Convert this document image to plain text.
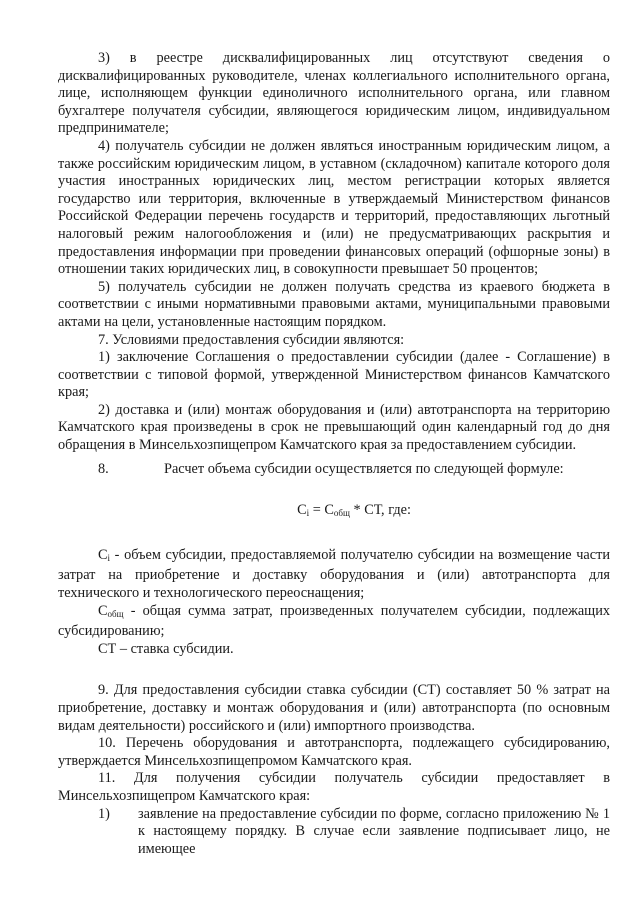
3) в реестре дисквалифицированных лиц отсутствуют сведения о дисквалифицированных руководителе, членах коллегиального исполнительного органа, лице, исполняющем функции единоличного исполнительного органа, или главном бухгалтере получателя субсидии, являющегося юридическим лицом, индивидуальном предпринимателе;

4) получатель субсидии не должен являться иностранным юридическим лицом, а также российским юридическим лицом, в уставном (складочном) капитале которого доля участия иностранных юридических лиц, местом регистрации которых является государство или территория, включенные в утверждаемый Министерством финансов Российской Федерации перечень государств и территорий, предоставляющих льготный налоговый режим налогообложения и (или) не предусматривающих раскрытия и предоставления информации при проведении финансовых операций (офшорные зоны) в отношении таких юридических лиц, в совокупности превышает 50 процентов;

5) получатель субсидии не должен получать средства из краевого бюджета в соответствии с иными нормативными правовыми актами, муниципальными правовыми актами на цели, установленные настоящим порядком.

7. Условиями предоставления субсидии являются:

1) заключение Соглашения о предоставлении субсидии (далее - Соглашение) в соответствии с типовой формой, утвержденной Министерством финансов Камчатского края;

2) доставка и (или) монтаж оборудования и (или) автотранспорта на территорию Камчатского края произведены в срок не превышающий один календарный год до дня обращения в Минсельхозпищепром Камчатского края за предоставлением субсидии.

8.	Расчет объема субсидии осуществляется по следующей формуле:

$С_i = С_{общ}$ * СТ, где:

$С_i$ - объем субсидии, предоставляемой получателю субсидии на возмещение части затрат на приобретение и доставку оборудования и (или) автотранспорта для технического и технологического переоснащения;

$С_{общ}$ - общая сумма затрат, произведенных получателем субсидии, подлежащих субсидированию;

СТ – ставка субсидии.

9. Для предоставления субсидии ставка субсидии (СТ) составляет 50 % затрат на приобретение, доставку и монтаж оборудования и (или) автотранспорта (по основным видам деятельности) российского и (или) импортного производства.

10. Перечень оборудования и автотранспорта, подлежащего субсидированию, утверждается Минсельхозпищепромом Камчатского края.

11. Для получения субсидии получатель субсидии предоставляет в Минсельхозпищепром Камчатского края:

1)	заявление на предоставление субсидии по форме, согласно приложению № 1 к настоящему порядку. В случае если заявление подписывает лицо, не имеющее
